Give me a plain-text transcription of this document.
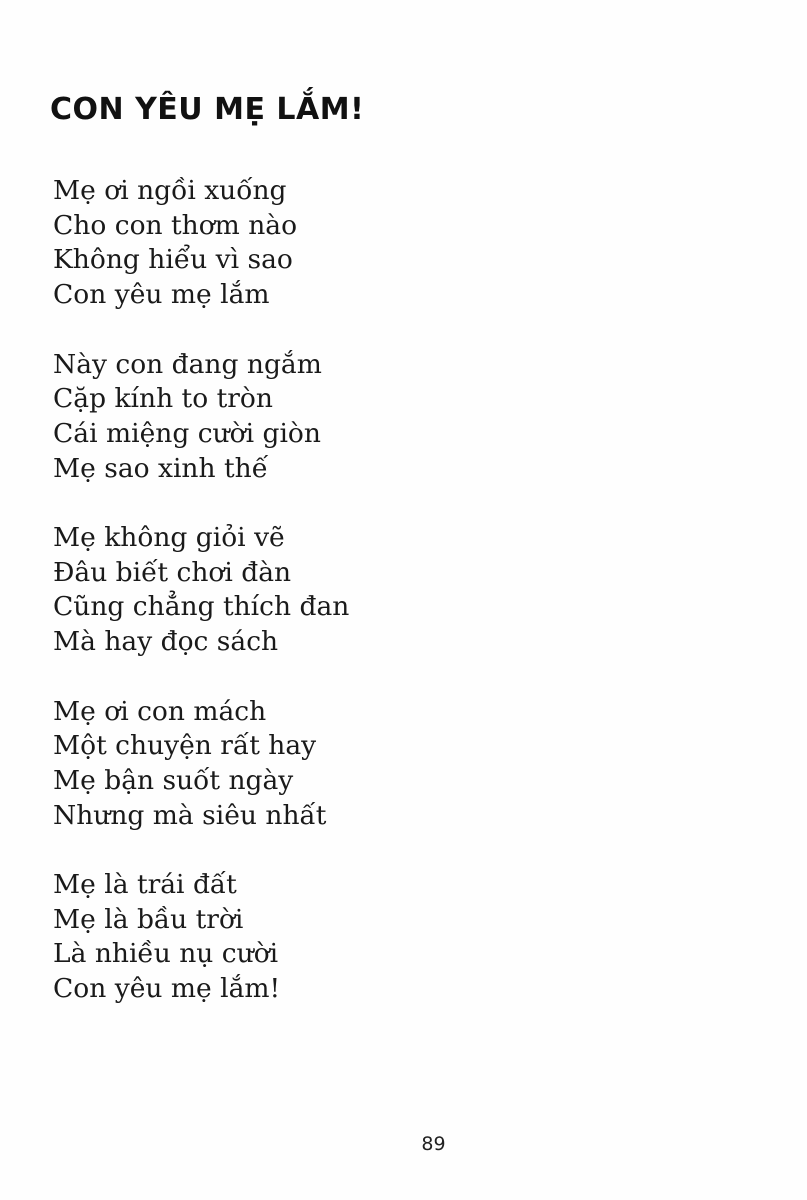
CON YÊU MẸ LẮM!
Mẹ ơi ngồi xuống
Cho con thơm nào
Không hiểu vì sao
Con yêu mẹ lắm
Này con đang ngắm
Cặp kính to tròn
Cái miệng cười giòn
Mẹ sao xinh thế
Mẹ không giỏi vẽ
Đâu biết chơi đàn
Cũng chẳng thích đan
Mà hay đọc sách
Mẹ ơi con mách
Một chuyện rất hay
Mẹ bận suốt ngày
Nhưng mà siêu nhất
Mẹ là trái đất
Mẹ là bầu trời
Là nhiều nụ cười
Con yêu mẹ lắm!
89
